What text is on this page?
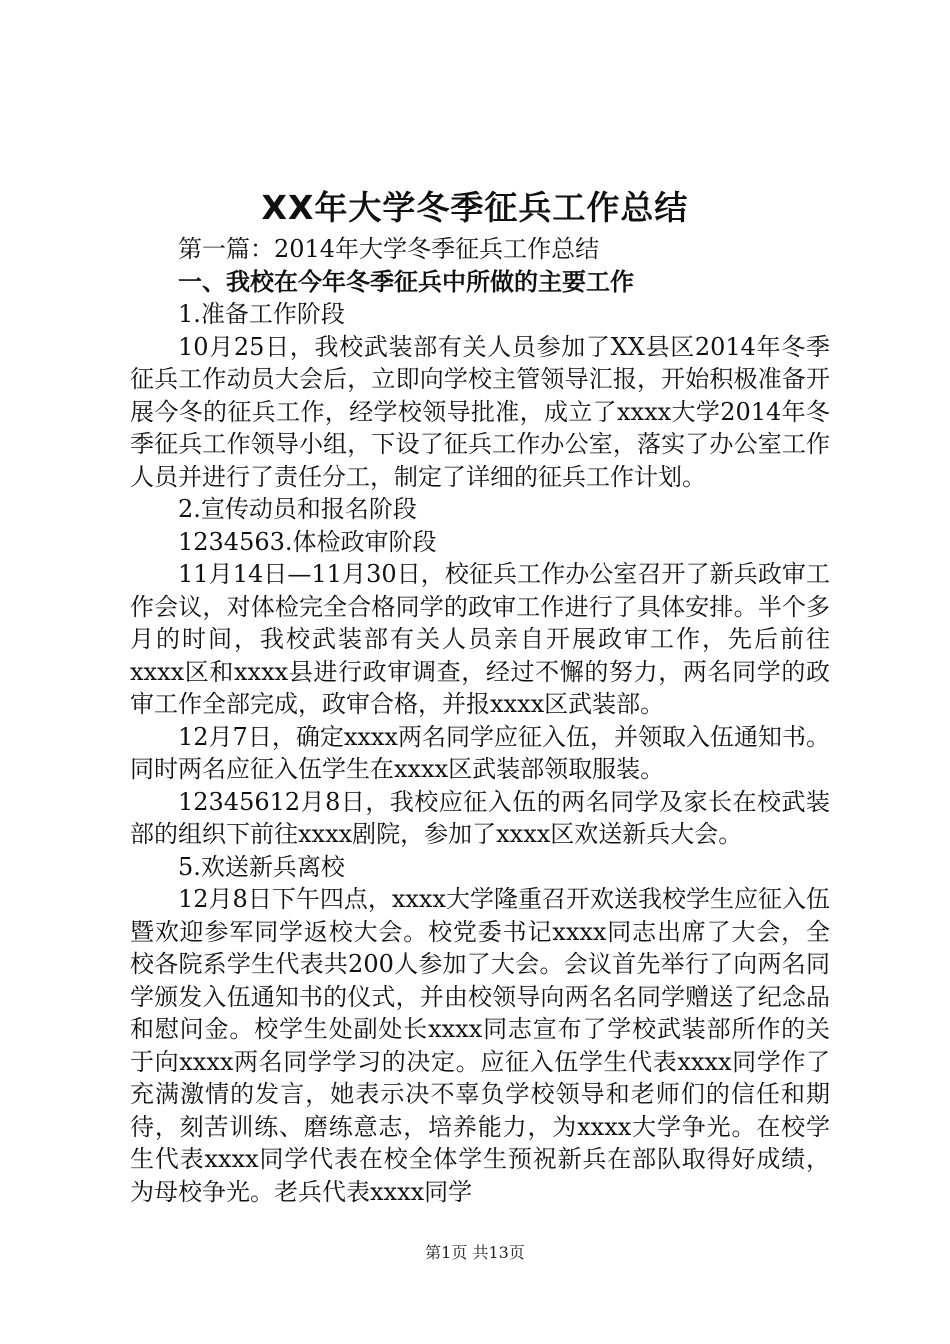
XX年大学冬季征兵工作总结

第一篇：2014年大学冬季征兵工作总结

一、我校在今年冬季征兵中所做的主要工作

1.准备工作阶段

10月25日，我校武装部有关人员参加了XX县区2014年冬季征兵工作动员大会后，立即向学校主管领导汇报，开始积极准备开展今冬的征兵工作，经学校领导批准，成立了xxxx大学2014年冬季征兵工作领导小组，下设了征兵工作办公室，落实了办公室工作人员并进行了责任分工，制定了详细的征兵工作计划。

2.宣传动员和报名阶段

1234563.体检政审阶段

11月14日—11月30日，校征兵工作办公室召开了新兵政审工作会议，对体检完全合格同学的政审工作进行了具体安排。半个多月的时间，我校武装部有关人员亲自开展政审工作，先后前往xxxx区和xxxx县进行政审调查，经过不懈的努力，两名同学的政审工作全部完成，政审合格，并报xxxx区武装部。

12月7日，确定xxxx两名同学应征入伍，并领取入伍通知书。同时两名应征入伍学生在xxxx区武装部领取服装。

12345612月8日，我校应征入伍的两名同学及家长在校武装部的组织下前往xxxx剧院，参加了xxxx区欢送新兵大会。

5.欢送新兵离校

12月8日下午四点，xxxx大学隆重召开欢送我校学生应征入伍暨欢迎参军同学返校大会。校党委书记xxxx同志出席了大会，全校各院系学生代表共200人参加了大会。会议首先举行了向两名同学颁发入伍通知书的仪式，并由校领导向两名名同学赠送了纪念品和慰问金。校学生处副处长xxxx同志宣布了学校武装部所作的关于向xxxx两名同学学习的决定。应征入伍学生代表xxxx同学作了充满激情的发言，她表示决不辜负学校领导和老师们的信任和期待，刻苦训练、磨练意志，培养能力，为xxxx大学争光。在校学生代表xxxx同学代表在校全体学生预祝新兵在部队取得好成绩，为母校争光。老兵代表xxxx同学

第1页 共13页
